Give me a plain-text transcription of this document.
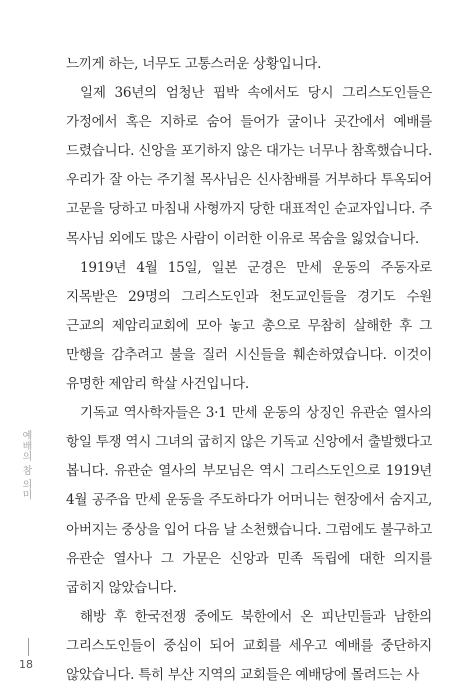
느끼게 하는, 너무도 고통스러운 상황입니다.

일제 36년의 엄청난 핍박 속에서도 당시 그리스도인들은 가정에서 혹은 지하로 숨어 들어가 굴이나 곳간에서 예배를 드렸습니다. 신앙을 포기하지 않은 대가는 너무나 참혹했습니다. 우리가 잘 아는 주기철 목사님은 신사참배를 거부하다 투옥되어 고문을 당하고 마침내 사형까지 당한 대표적인 순교자입니다. 주 목사님 외에도 많은 사람이 이러한 이유로 목숨을 잃었습니다.

1919년 4월 15일, 일본 군경은 만세 운동의 주동자로 지목받은 29명의 그리스도인과 천도교인들을 경기도 수원 근교의 제암리교회에 모아 놓고 총으로 무참히 살해한 후 그 만행을 감추려고 불을 질러 시신들을 훼손하였습니다. 이것이 유명한 제암리 학살 사건입니다.

기독교 역사학자들은 3·1 만세 운동의 상징인 유관순 열사의 항일 투쟁 역시 그녀의 굽히지 않은 기독교 신앙에서 출발했다고 봅니다. 유관순 열사의 부모님은 역시 그리스도인으로 1919년 4월 공주읍 만세 운동을 주도하다가 어머니는 현장에서 숨지고, 아버지는 중상을 입어 다음 날 소천했습니다. 그럼에도 불구하고 유관순 열사나 그 가문은 신앙과 민족 독립에 대한 의지를 굽히지 않았습니다.

해방 후 한국전쟁 중에도 북한에서 온 피난민들과 남한의 그리스도인들이 중심이 되어 교회를 세우고 예배를 중단하지 않았습니다. 특히 부산 지역의 교회들은 예배당에 몰려드는 사

예배의 참 의미
18
